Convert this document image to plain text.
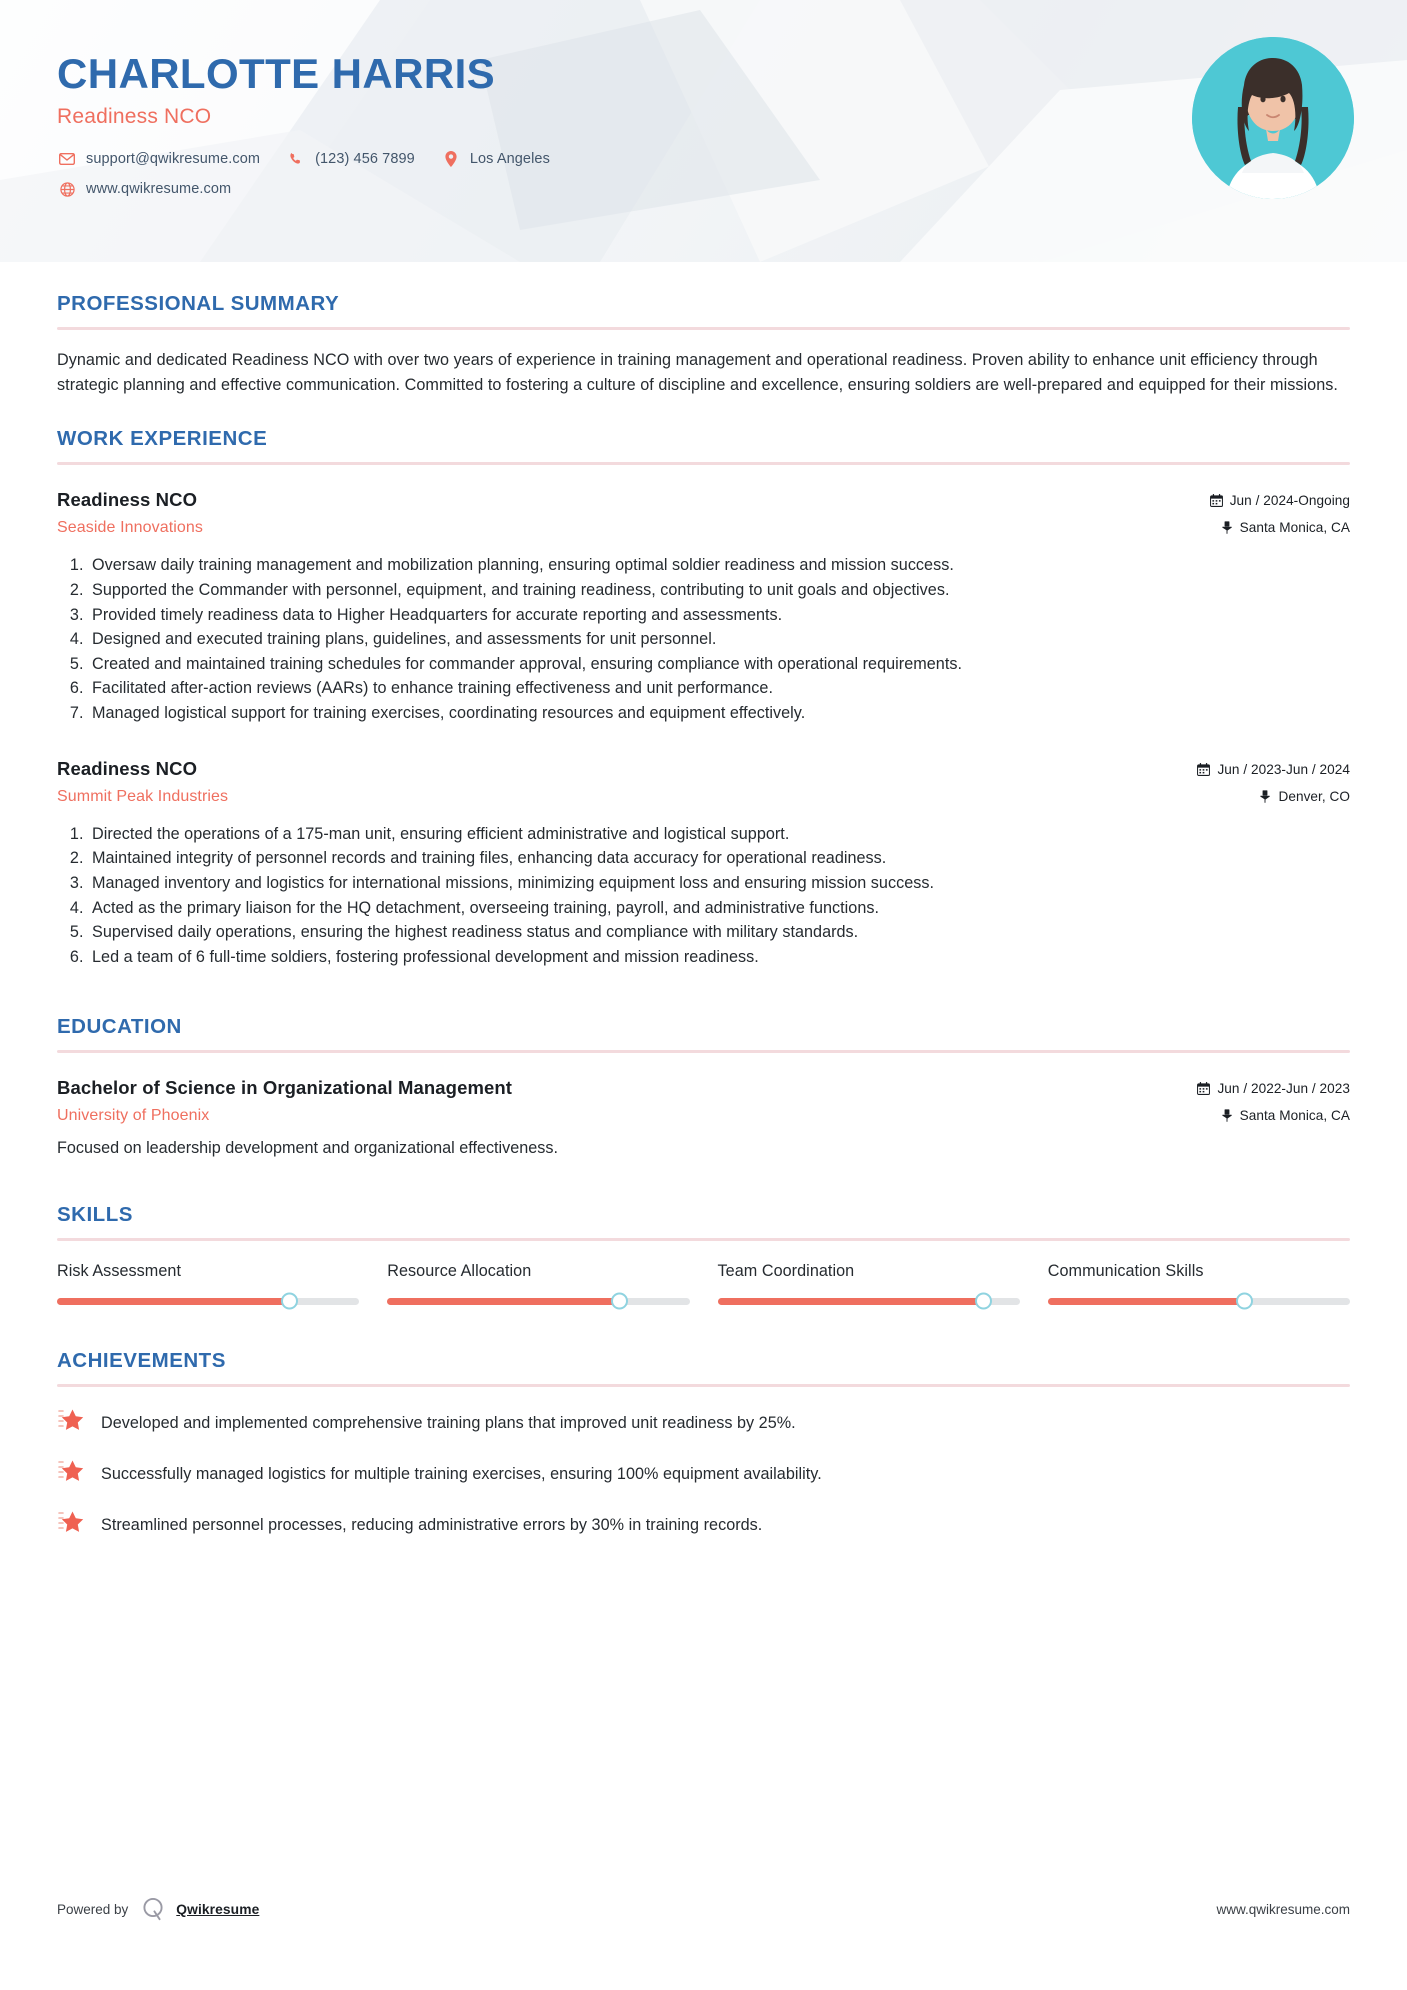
CHARLOTTE HARRIS
Readiness NCO
support@qwikresume.com	(123) 456 7899	Los Angeles
www.qwikresume.com
PROFESSIONAL SUMMARY

Dynamic and dedicated Readiness NCO with over two years of experience in training management and operational readiness. Proven ability to enhance unit efficiency through strategic planning and effective communication. Committed to fostering a culture of discipline and excellence, ensuring soldiers are well-prepared and equipped for their missions.

WORK EXPERIENCE
Readiness NCO
Seaside Innovations
Jun / 2024-Ongoing
Santa Monica, CA
1. Oversaw daily training management and mobilization planning, ensuring optimal soldier readiness and mission success.
2. Supported the Commander with personnel, equipment, and training readiness, contributing to unit goals and objectives.
3. Provided timely readiness data to Higher Headquarters for accurate reporting and assessments.
4. Designed and executed training plans, guidelines, and assessments for unit personnel.
5. Created and maintained training schedules for commander approval, ensuring compliance with operational requirements.
6. Facilitated after-action reviews (AARs) to enhance training effectiveness and unit performance.
7. Managed logistical support for training exercises, coordinating resources and equipment effectively.
Readiness NCO
Summit Peak Industries
Jun / 2023-Jun / 2024
Denver, CO
1. Directed the operations of a 175-man unit, ensuring efficient administrative and logistical support.
2. Maintained integrity of personnel records and training files, enhancing data accuracy for operational readiness.
3. Managed inventory and logistics for international missions, minimizing equipment loss and ensuring mission success.
4. Acted as the primary liaison for the HQ detachment, overseeing training, payroll, and administrative functions.
5. Supervised daily operations, ensuring the highest readiness status and compliance with military standards.
6. Led a team of 6 full-time soldiers, fostering professional development and mission readiness.
EDUCATION
Bachelor of Science in Organizational Management
University of Phoenix
Jun / 2022-Jun / 2023
Santa Monica, CA

Focused on leadership development and organizational effectiveness.

SKILLS
Risk Assessment	Resource Allocation	Team Coordination	Communication Skills
ACHIEVEMENTS
Developed and implemented comprehensive training plans that improved unit readiness by 25%.
Successfully managed logistics for multiple training exercises, ensuring 100% equipment availability.
Streamlined personnel processes, reducing administrative errors by 30% in training records.
Powered by	Qwikresume	www.qwikresume.com
